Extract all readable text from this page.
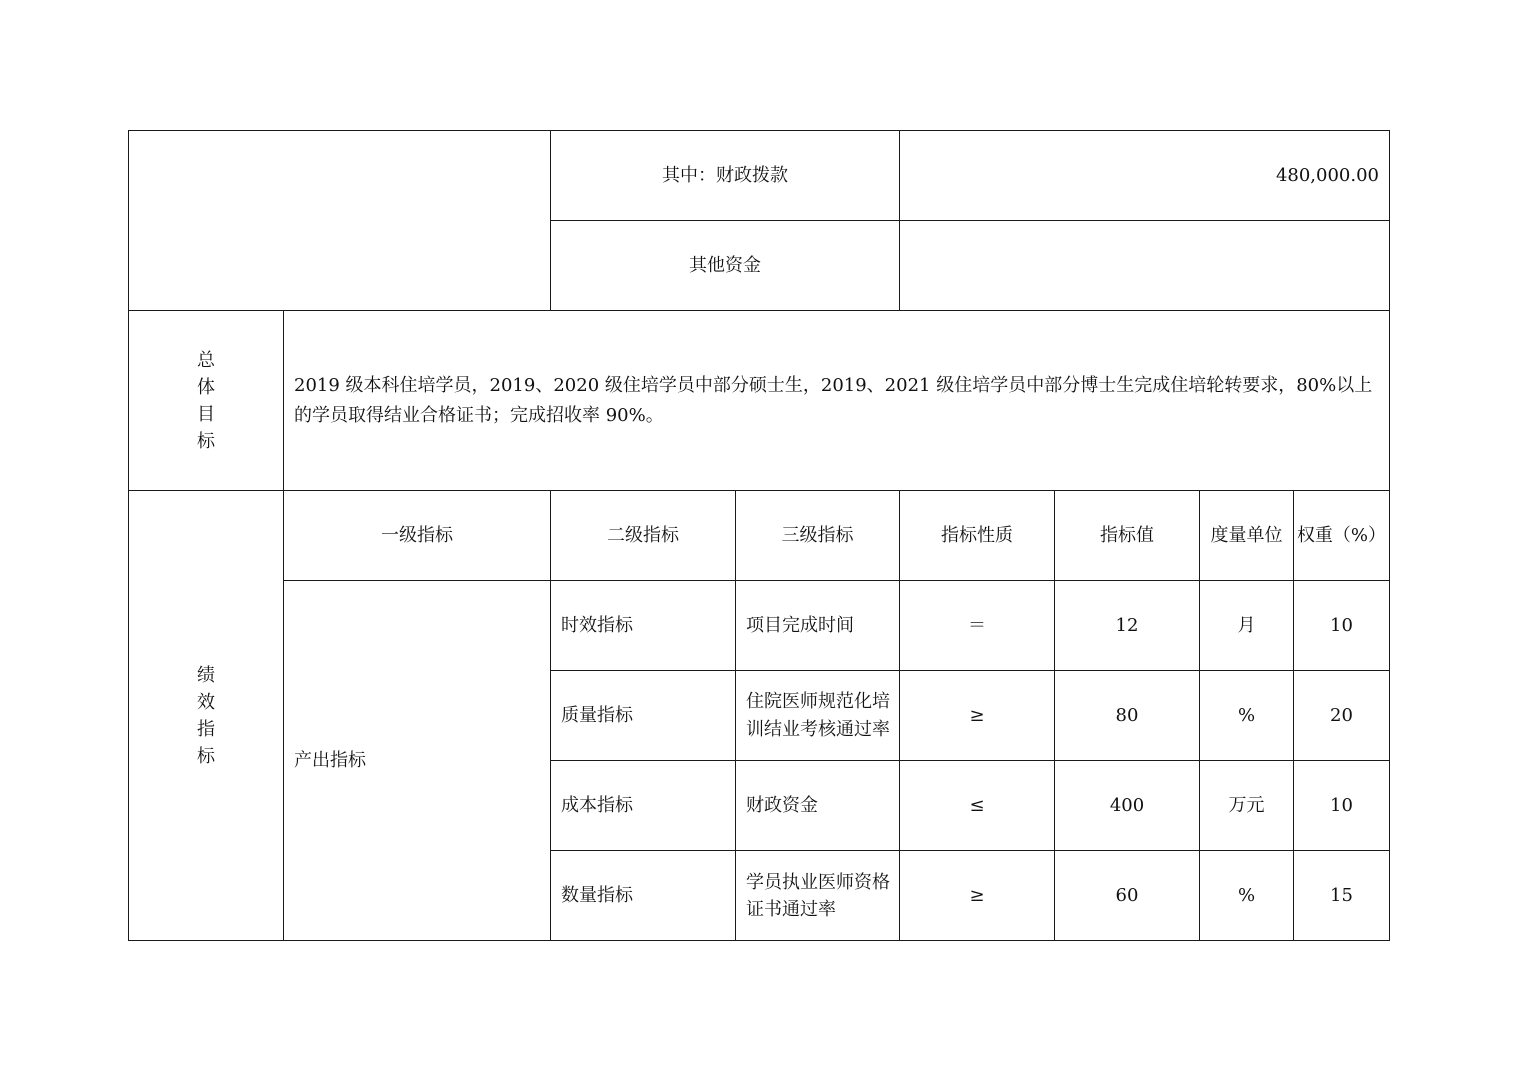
		其中：财政拨款		480,000.00			
		其他资金					

总
体
目
标	2019 级本科住培学员，2019、2020 级住培学员中部分硕士生，2019、2021 级住培学员中部分博士生完成住培轮转要求，80%以上的学员取得结业合格证书；完成招收率 90%。						

绩
效
指
标	一级指标	二级指标	三级指标	指标性质	指标值	度量单位	权重（%）
	产出指标	时效指标	项目完成时间	＝	12	月	10
		质量指标	住院医师规范化培训结业考核通过率	≥	80	%	20
		成本指标	财政资金	≤	400	万元	10
		数量指标	学员执业医师资格证书通过率	≥	60	%	15
